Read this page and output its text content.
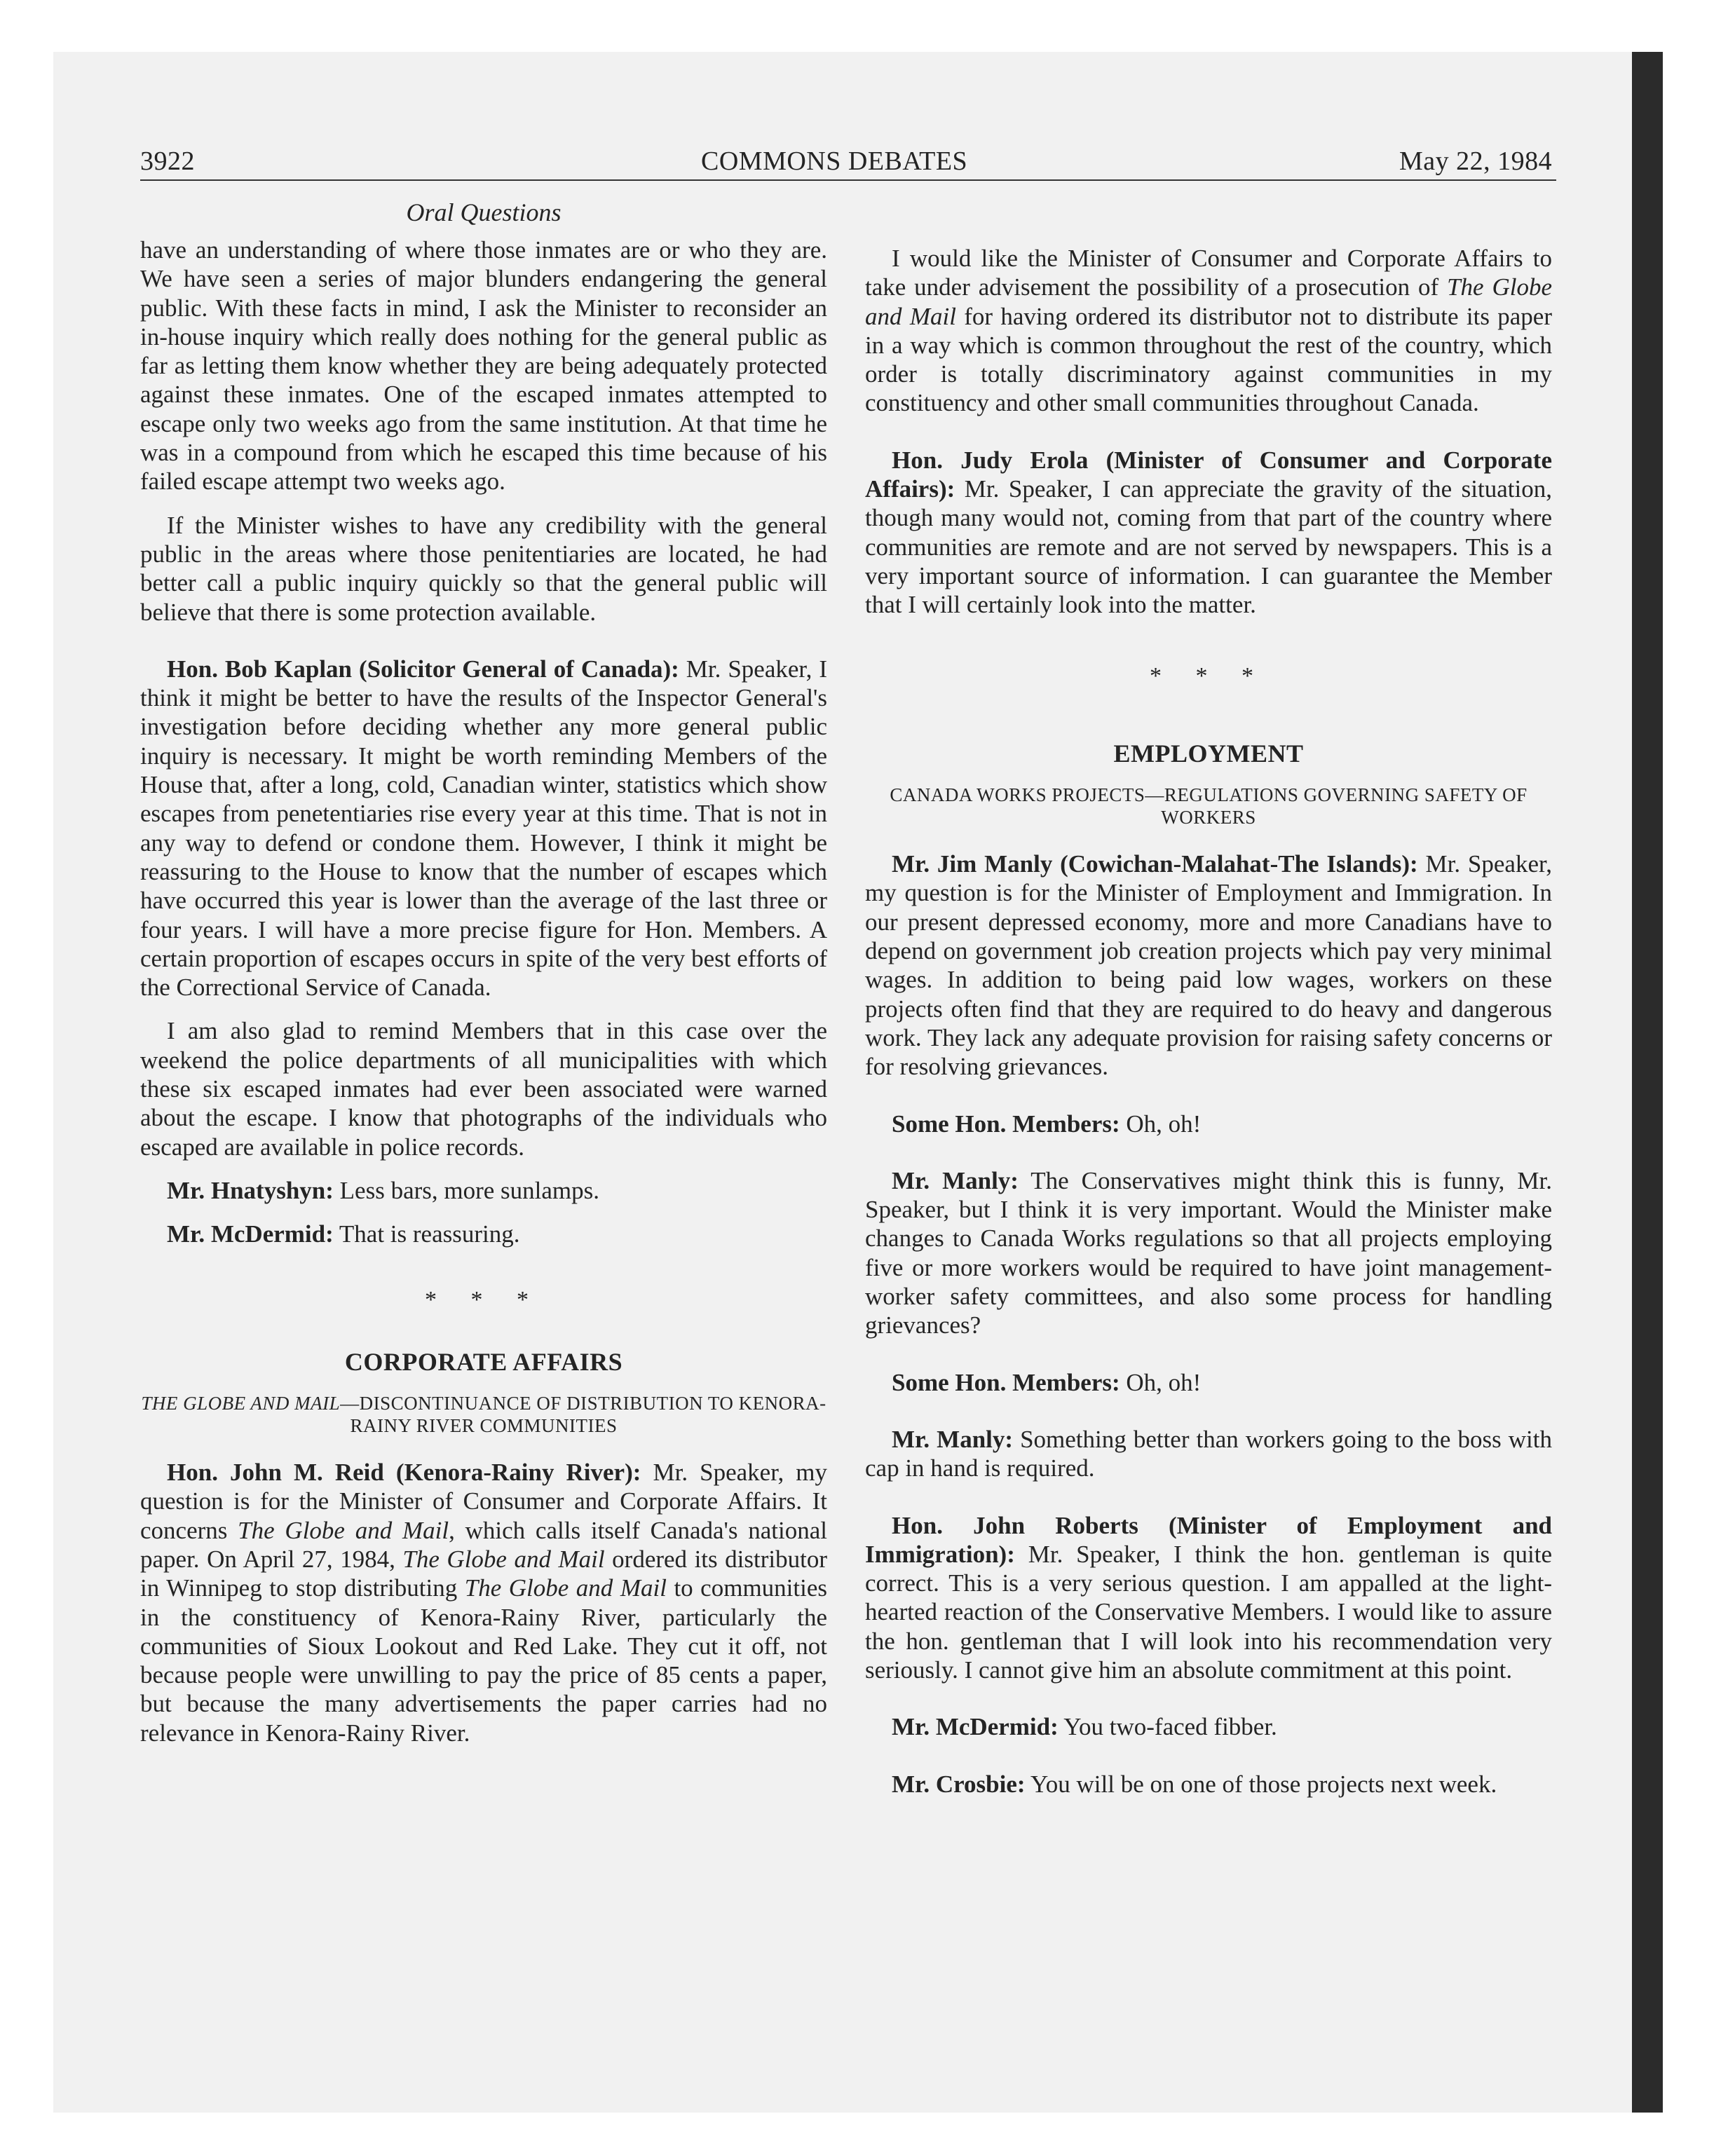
3922	COMMONS DEBATES	May 22, 1984
Oral Questions

have an understanding of where those inmates are or who they are. We have seen a series of major blunders endangering the general public. With these facts in mind, I ask the Minister to reconsider an in-house inquiry which really does nothing for the general public as far as letting them know whether they are being adequately protected against these inmates. One of the escaped inmates attempted to escape only two weeks ago from the same institution. At that time he was in a compound from which he escaped this time because of his failed escape attempt two weeks ago.

If the Minister wishes to have any credibility with the general public in the areas where those penitentiaries are located, he had better call a public inquiry quickly so that the general public will believe that there is some protection available.

Hon. Bob Kaplan (Solicitor General of Canada): Mr. Speaker, I think it might be better to have the results of the Inspector General's investigation before deciding whether any more general public inquiry is necessary. It might be worth reminding Members of the House that, after a long, cold, Canadian winter, statistics which show escapes from penetentiaries rise every year at this time. That is not in any way to defend or condone them. However, I think it might be reassuring to the House to know that the number of escapes which have occurred this year is lower than the average of the last three or four years. I will have a more precise figure for Hon. Members. A certain proportion of escapes occurs in spite of the very best efforts of the Correctional Service of Canada.

I am also glad to remind Members that in this case over the weekend the police departments of all municipalities with which these six escaped inmates had ever been associated were warned about the escape. I know that photographs of the individuals who escaped are available in police records.

Mr. Hnatyshyn: Less bars, more sunlamps.

Mr. McDermid: That is reassuring.

* * *
CORPORATE AFFAIRS
THE GLOBE AND MAIL—DISCONTINUANCE OF DISTRIBUTION TO KENORA-RAINY RIVER COMMUNITIES

Hon. John M. Reid (Kenora-Rainy River): Mr. Speaker, my question is for the Minister of Consumer and Corporate Affairs. It concerns The Globe and Mail, which calls itself Canada's national paper. On April 27, 1984, The Globe and Mail ordered its distributor in Winnipeg to stop distributing The Globe and Mail to communities in the constituency of Kenora-Rainy River, particularly the communities of Sioux Lookout and Red Lake. They cut it off, not because people were unwilling to pay the price of 85 cents a paper, but because the many advertisements the paper carries had no relevance in Kenora-Rainy River.

I would like the Minister of Consumer and Corporate Affairs to take under advisement the possibility of a prosecution of The Globe and Mail for having ordered its distributor not to distribute its paper in a way which is common throughout the rest of the country, which order is totally discriminatory against communities in my constituency and other small communities throughout Canada.

Hon. Judy Erola (Minister of Consumer and Corporate Affairs): Mr. Speaker, I can appreciate the gravity of the situation, though many would not, coming from that part of the country where communities are remote and are not served by newspapers. This is a very important source of information. I can guarantee the Member that I will certainly look into the matter.

* * *
EMPLOYMENT
CANADA WORKS PROJECTS—REGULATIONS GOVERNING SAFETY OF WORKERS

Mr. Jim Manly (Cowichan-Malahat-The Islands): Mr. Speaker, my question is for the Minister of Employment and Immigration. In our present depressed economy, more and more Canadians have to depend on government job creation projects which pay very minimal wages. In addition to being paid low wages, workers on these projects often find that they are required to do heavy and dangerous work. They lack any adequate provision for raising safety concerns or for resolving grievances.

Some Hon. Members: Oh, oh!

Mr. Manly: The Conservatives might think this is funny, Mr. Speaker, but I think it is very important. Would the Minister make changes to Canada Works regulations so that all projects employing five or more workers would be required to have joint management-worker safety committees, and also some process for handling grievances?

Some Hon. Members: Oh, oh!

Mr. Manly: Something better than workers going to the boss with cap in hand is required.

Hon. John Roberts (Minister of Employment and Immigration): Mr. Speaker, I think the hon. gentleman is quite correct. This is a very serious question. I am appalled at the light-hearted reaction of the Conservative Members. I would like to assure the hon. gentleman that I will look into his recommendation very seriously. I cannot give him an absolute commitment at this point.

Mr. McDermid: You two-faced fibber.

Mr. Crosbie: You will be on one of those projects next week.
